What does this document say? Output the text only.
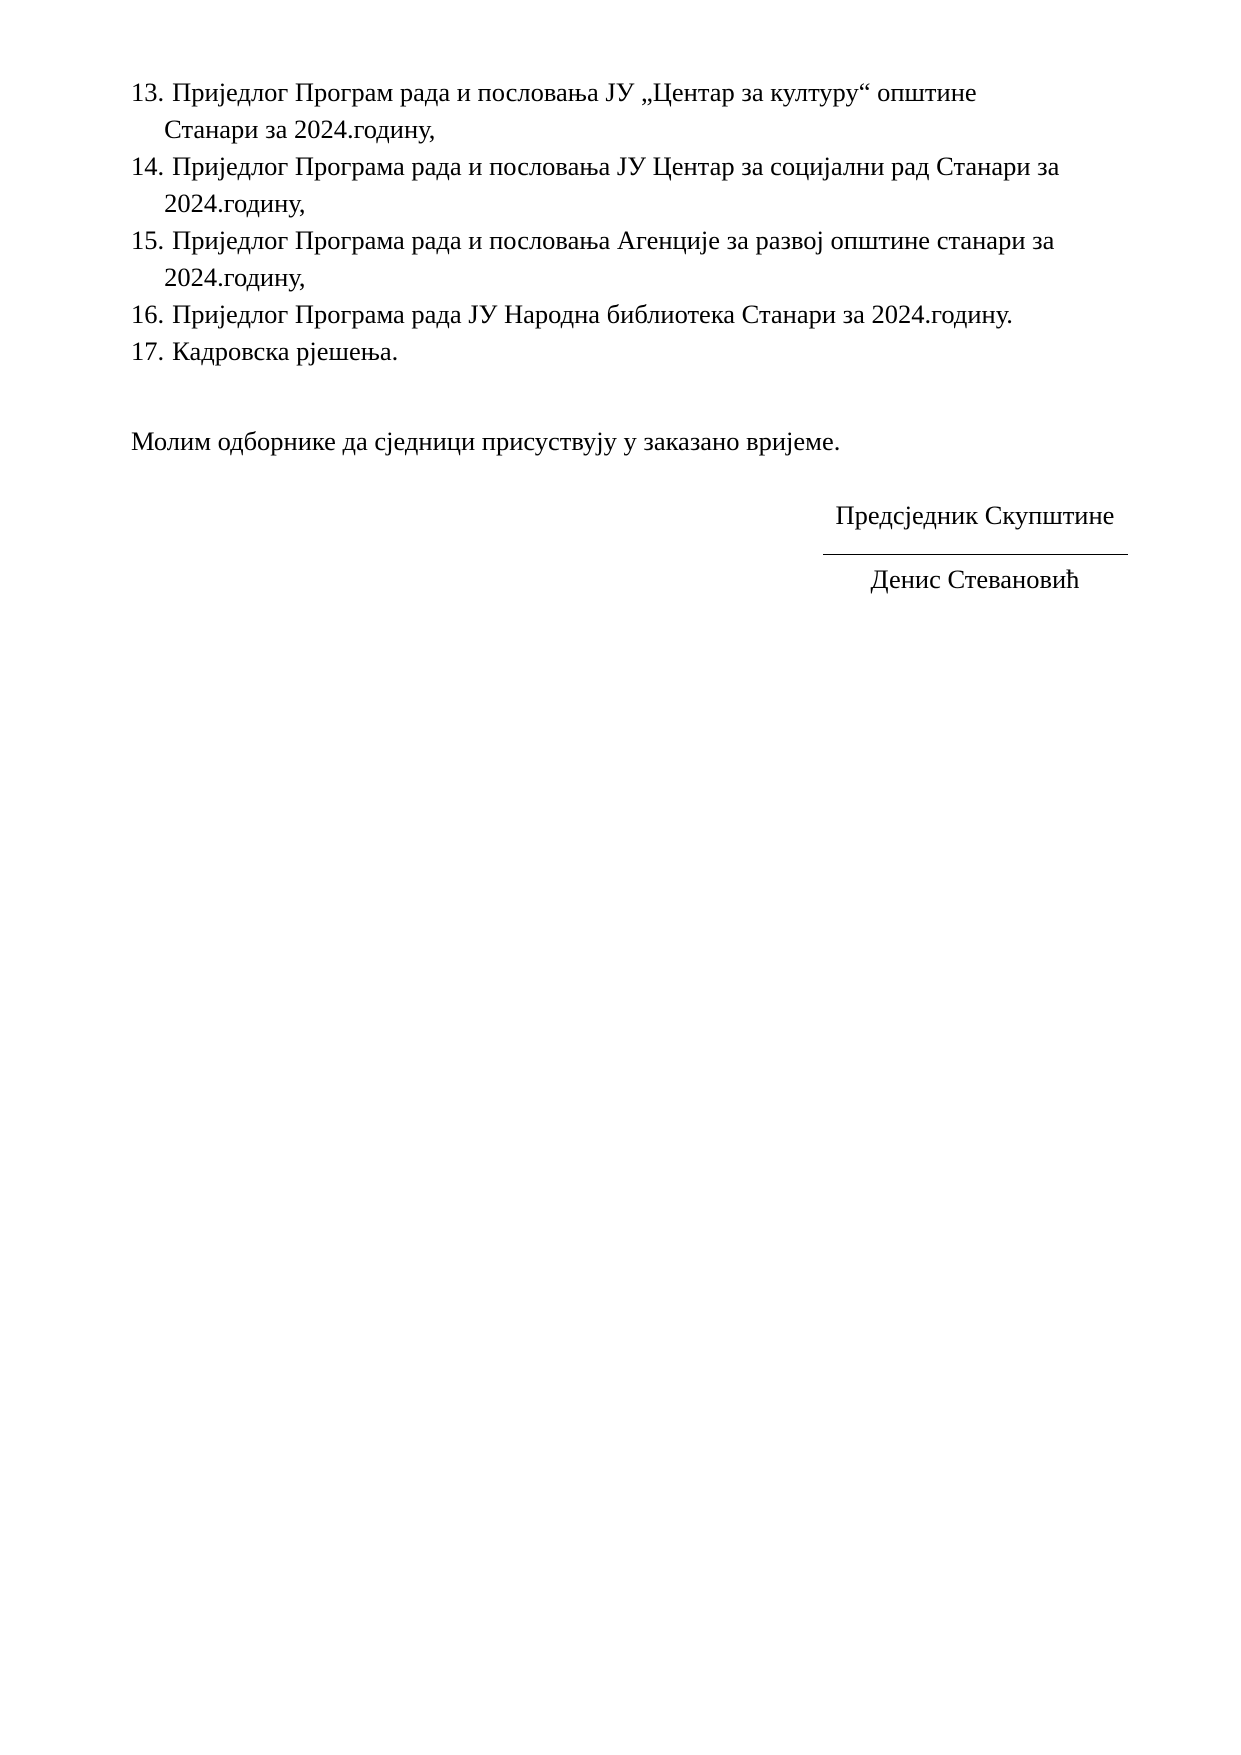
13. Приједлог Програм рада и пословања ЈУ „Центар за културу“ општине
Станари за 2024.годину,
14. Приједлог Програма рада и пословања ЈУ Центар за социјални рад Станари за
2024.годину,
15. Приједлог Програма рада и пословања Агенције за развој општине станари за
2024.годину,
16. Приједлог Програма рада ЈУ Народна библиотека Станари за 2024.годину.
17. Кадровска рјешења.

Молим одборнике да сједници присуствују у заказано вријеме.

Предсједник Скупштине
Денис Стевановић
